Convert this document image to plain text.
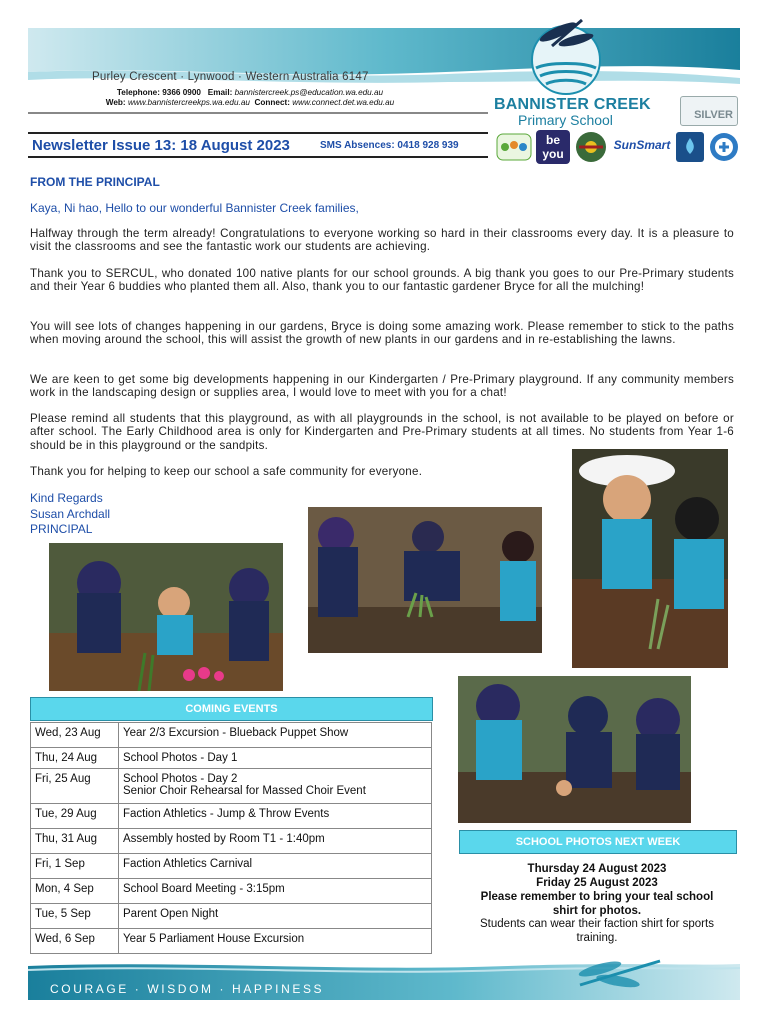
Purley Crescent · Lynwood · Western Australia 6147
Telephone: 9366 0900 Email: bannistercreek.ps@education.wa.edu.au
Web: www.bannistercreekps.wa.edu.au Connect: www.connect.det.wa.edu.au	BANNISTER CREEK
Primary School	SILVER
Newsletter Issue 13: 18 August 2023	SMS Absences: 0418 928 939	be you
SunSmart
FROM THE PRINCIPAL
Kaya, Ni hao, Hello to our wonderful Bannister Creek families,

Halfway through the term already! Congratulations to everyone working so hard in their classrooms every day. It is a pleasure to visit the classrooms and see the fantastic work our students are achieving.

Thank you to SERCUL, who donated 100 native plants for our school grounds. A big thank you goes to our Pre-Primary students and their Year 6 buddies who planted them all. Also, thank you to our fantastic gardener Bryce for all the mulching!

You will see lots of changes happening in our gardens, Bryce is doing some amazing work. Please remember to stick to the paths when moving around the school, this will assist the growth of new plants in our gardens and in re-establishing the lawns.

We are keen to get some big developments happening in our Kindergarten / Pre-Primary playground. If any community members work in the landscaping design or supplies area, I would love to meet with you for a chat!

Please remind all students that this playground, as with all playgrounds in the school, is not available to be played on before or after school. The Early Childhood area is only for Kindergarten and Pre-Primary students at all times. No students from Year 1-6 should be in this playground or the sandpits.

Thank you for helping to keep our school a safe community for everyone.

Kind Regards
Susan Archdall
PRINCIPAL
COMING EVENTS
Wed, 23 Aug	Year 2/3 Excursion - Blueback Puppet Show
Thu, 24 Aug	School Photos - Day 1
Fri, 25 Aug	School Photos - Day 2
Senior Choir Rehearsal for Massed Choir Event

Tue, 29 Aug	Faction Athletics - Jump & Throw Events
Thu, 31 Aug	Assembly hosted by Room T1 - 1:40pm
Fri, 1 Sep	Faction Athletics Carnival
Mon, 4 Sep	School Board Meeting - 3:15pm
Tue, 5 Sep	Parent Open Night
Wed, 6 Sep	Year 5 Parliament House Excursion
SCHOOL PHOTOS NEXT WEEK
Thursday 24 August 2023
Friday 25 August 2023
Please remember to bring your teal school shirt for photos.
Students can wear their faction shirt for sports training.
COURAGE · WISDOM · HAPPINESS
